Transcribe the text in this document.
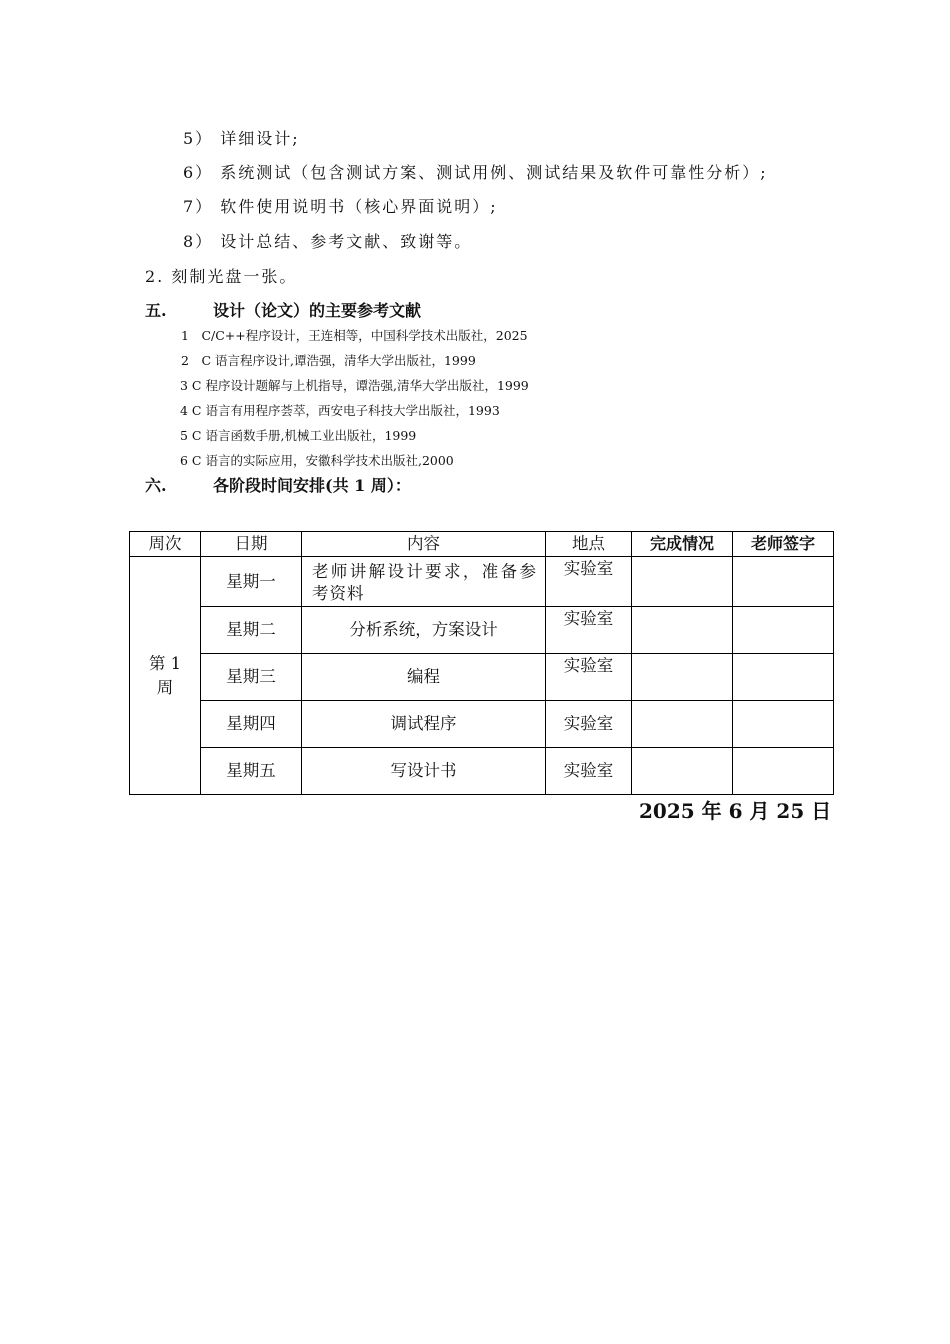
5） 详细设计;
6） 系统测试（包含测试方案、测试用例、测试结果及软件可靠性分析）;
7） 软件使用说明书（核心界面说明）;
8） 设计总结、参考文献、致谢等。
2. 刻制光盘一张。
五.	设计（论文）的主要参考文献
1　C/C++程序设计，王连相等，中国科学技术出版社，2025
2　C 语言程序设计,谭浩强，清华大学出版社，1999
3 C 程序设计题解与上机指导，谭浩强,清华大学出版社，1999
4 C 语言有用程序荟萃，西安电子科技大学出版社，1993
5 C 语言函数手册,机械工业出版社，1999
6 C 语言的实际应用，安徽科学技术出版社,2000
六.	各阶段时间安排(共 1 周）：
周次	日期	内容	地点	完成情况	老师签字

第 1 周	星期一	老师讲解设计要求，准备参考资料	实验室		
	星期二	分析系统，方案设计	实验室		
	星期三	编程	实验室		
	星期四	调试程序	实验室		
	星期五	写设计书	实验室		
2025 年 6 月 25 日
